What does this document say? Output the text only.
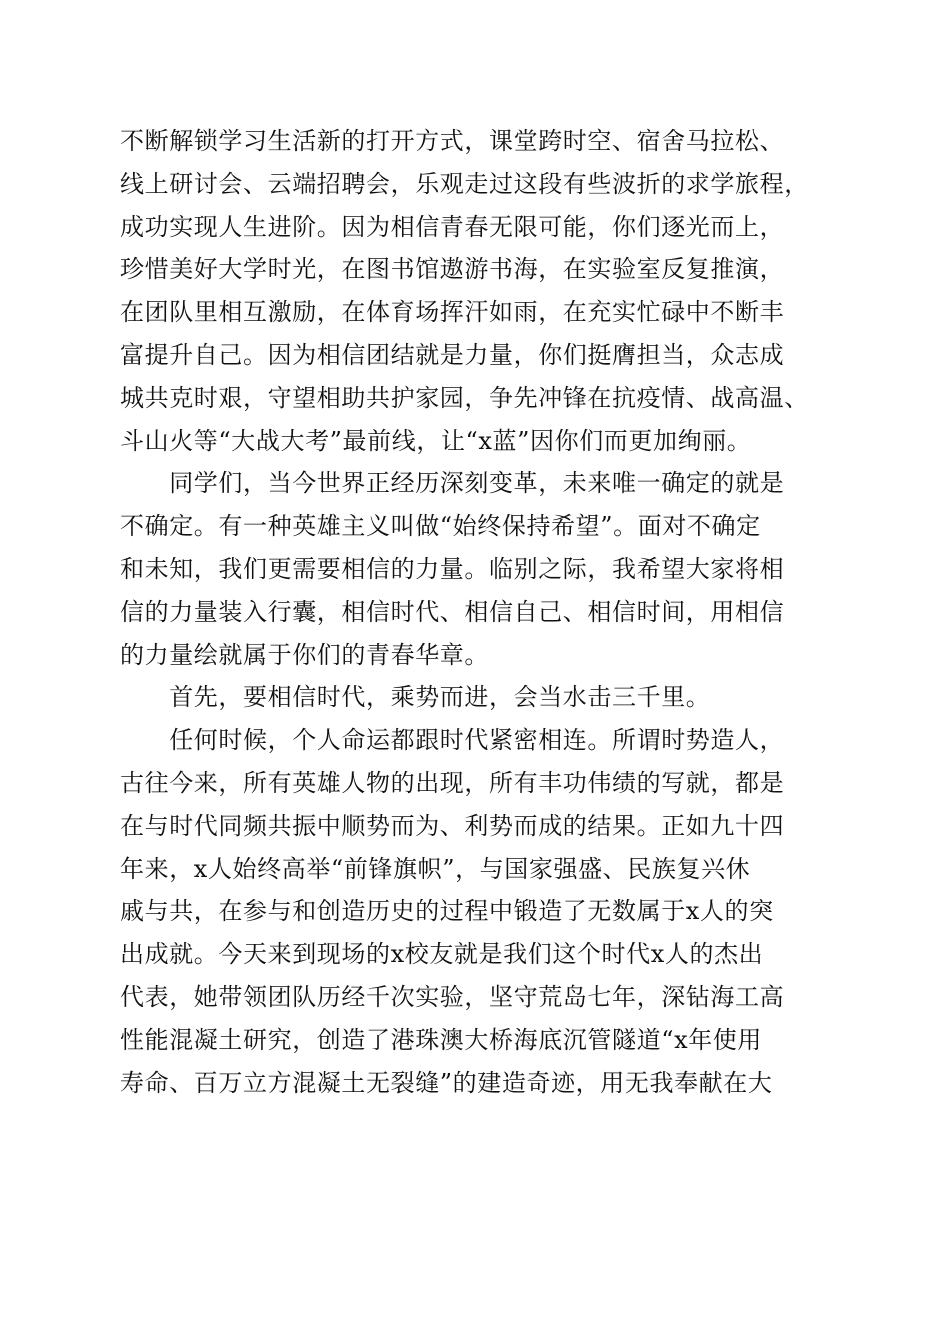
不断解锁学习生活新的打开方式，课堂跨时空、宿舍马拉松、
线上研讨会、云端招聘会，乐观走过这段有些波折的求学旅程，
成功实现人生进阶。因为相信青春无限可能，你们逐光而上，
珍惜美好大学时光，在图书馆遨游书海，在实验室反复推演，
在团队里相互激励，在体育场挥汗如雨，在充实忙碌中不断丰
富提升自己。因为相信团结就是力量，你们挺膺担当，众志成
城共克时艰，守望相助共护家园，争先冲锋在抗疫情、战高温、
斗山火等“大战大考”最前线，让“x蓝”因你们而更加绚丽。
　　同学们，当今世界正经历深刻变革，未来唯一确定的就是
不确定。有一种英雄主义叫做“始终保持希望”。面对不确定
和未知，我们更需要相信的力量。临别之际，我希望大家将相
信的力量装入行囊，相信时代、相信自己、相信时间，用相信
的力量绘就属于你们的青春华章。
　　首先，要相信时代，乘势而进，会当水击三千里。
　　任何时候，个人命运都跟时代紧密相连。所谓时势造人，
古往今来，所有英雄人物的出现，所有丰功伟绩的写就，都是
在与时代同频共振中顺势而为、利势而成的结果。正如九十四
年来，x人始终高举“前锋旗帜”，与国家强盛、民族复兴休
戚与共，在参与和创造历史的过程中锻造了无数属于x人的突
出成就。今天来到现场的x校友就是我们这个时代x人的杰出
代表，她带领团队历经千次实验，坚守荒岛七年，深钻海工高
性能混凝土研究，创造了港珠澳大桥海底沉管隧道“x年使用
寿命、百万立方混凝土无裂缝”的建造奇迹，用无我奉献在大
